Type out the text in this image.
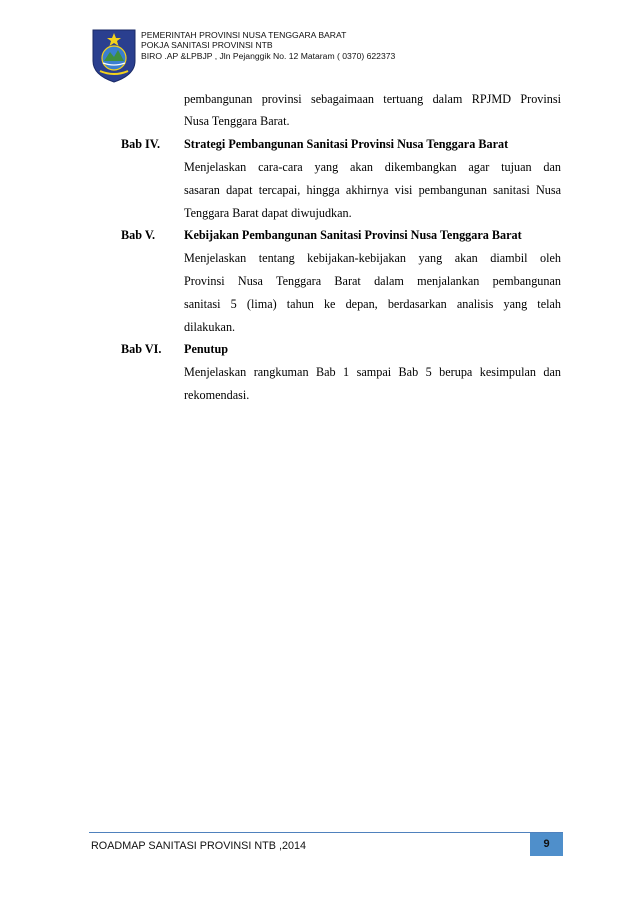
PEMERINTAH PROVINSI NUSA TENGGARA BARAT
POKJA SANITASI PROVINSI NTB
BIRO .AP &LPBJP , Jln Pejanggik No. 12 Mataram ( 0370) 622373
pembangunan provinsi sebagaimaan tertuang dalam RPJMD Provinsi
Nusa Tenggara Barat.
Bab IV. Strategi Pembangunan Sanitasi Provinsi Nusa Tenggara Barat
Menjelaskan cara-cara yang akan dikembangkan agar tujuan dan
sasaran dapat tercapai, hingga akhirnya visi pembangunan sanitasi Nusa
Tenggara Barat dapat diwujudkan.
Bab V. Kebijakan Pembangunan Sanitasi Provinsi Nusa Tenggara Barat
Menjelaskan tentang kebijakan-kebijakan yang akan diambil oleh
Provinsi Nusa Tenggara Barat dalam menjalankan pembangunan
sanitasi 5 (lima) tahun ke depan, berdasarkan analisis yang telah
dilakukan.
Bab VI. Penutup
Menjelaskan rangkuman Bab 1 sampai Bab 5 berupa kesimpulan dan
rekomendasi.
ROADMAP SANITASI PROVINSI NTB ,2014	9
